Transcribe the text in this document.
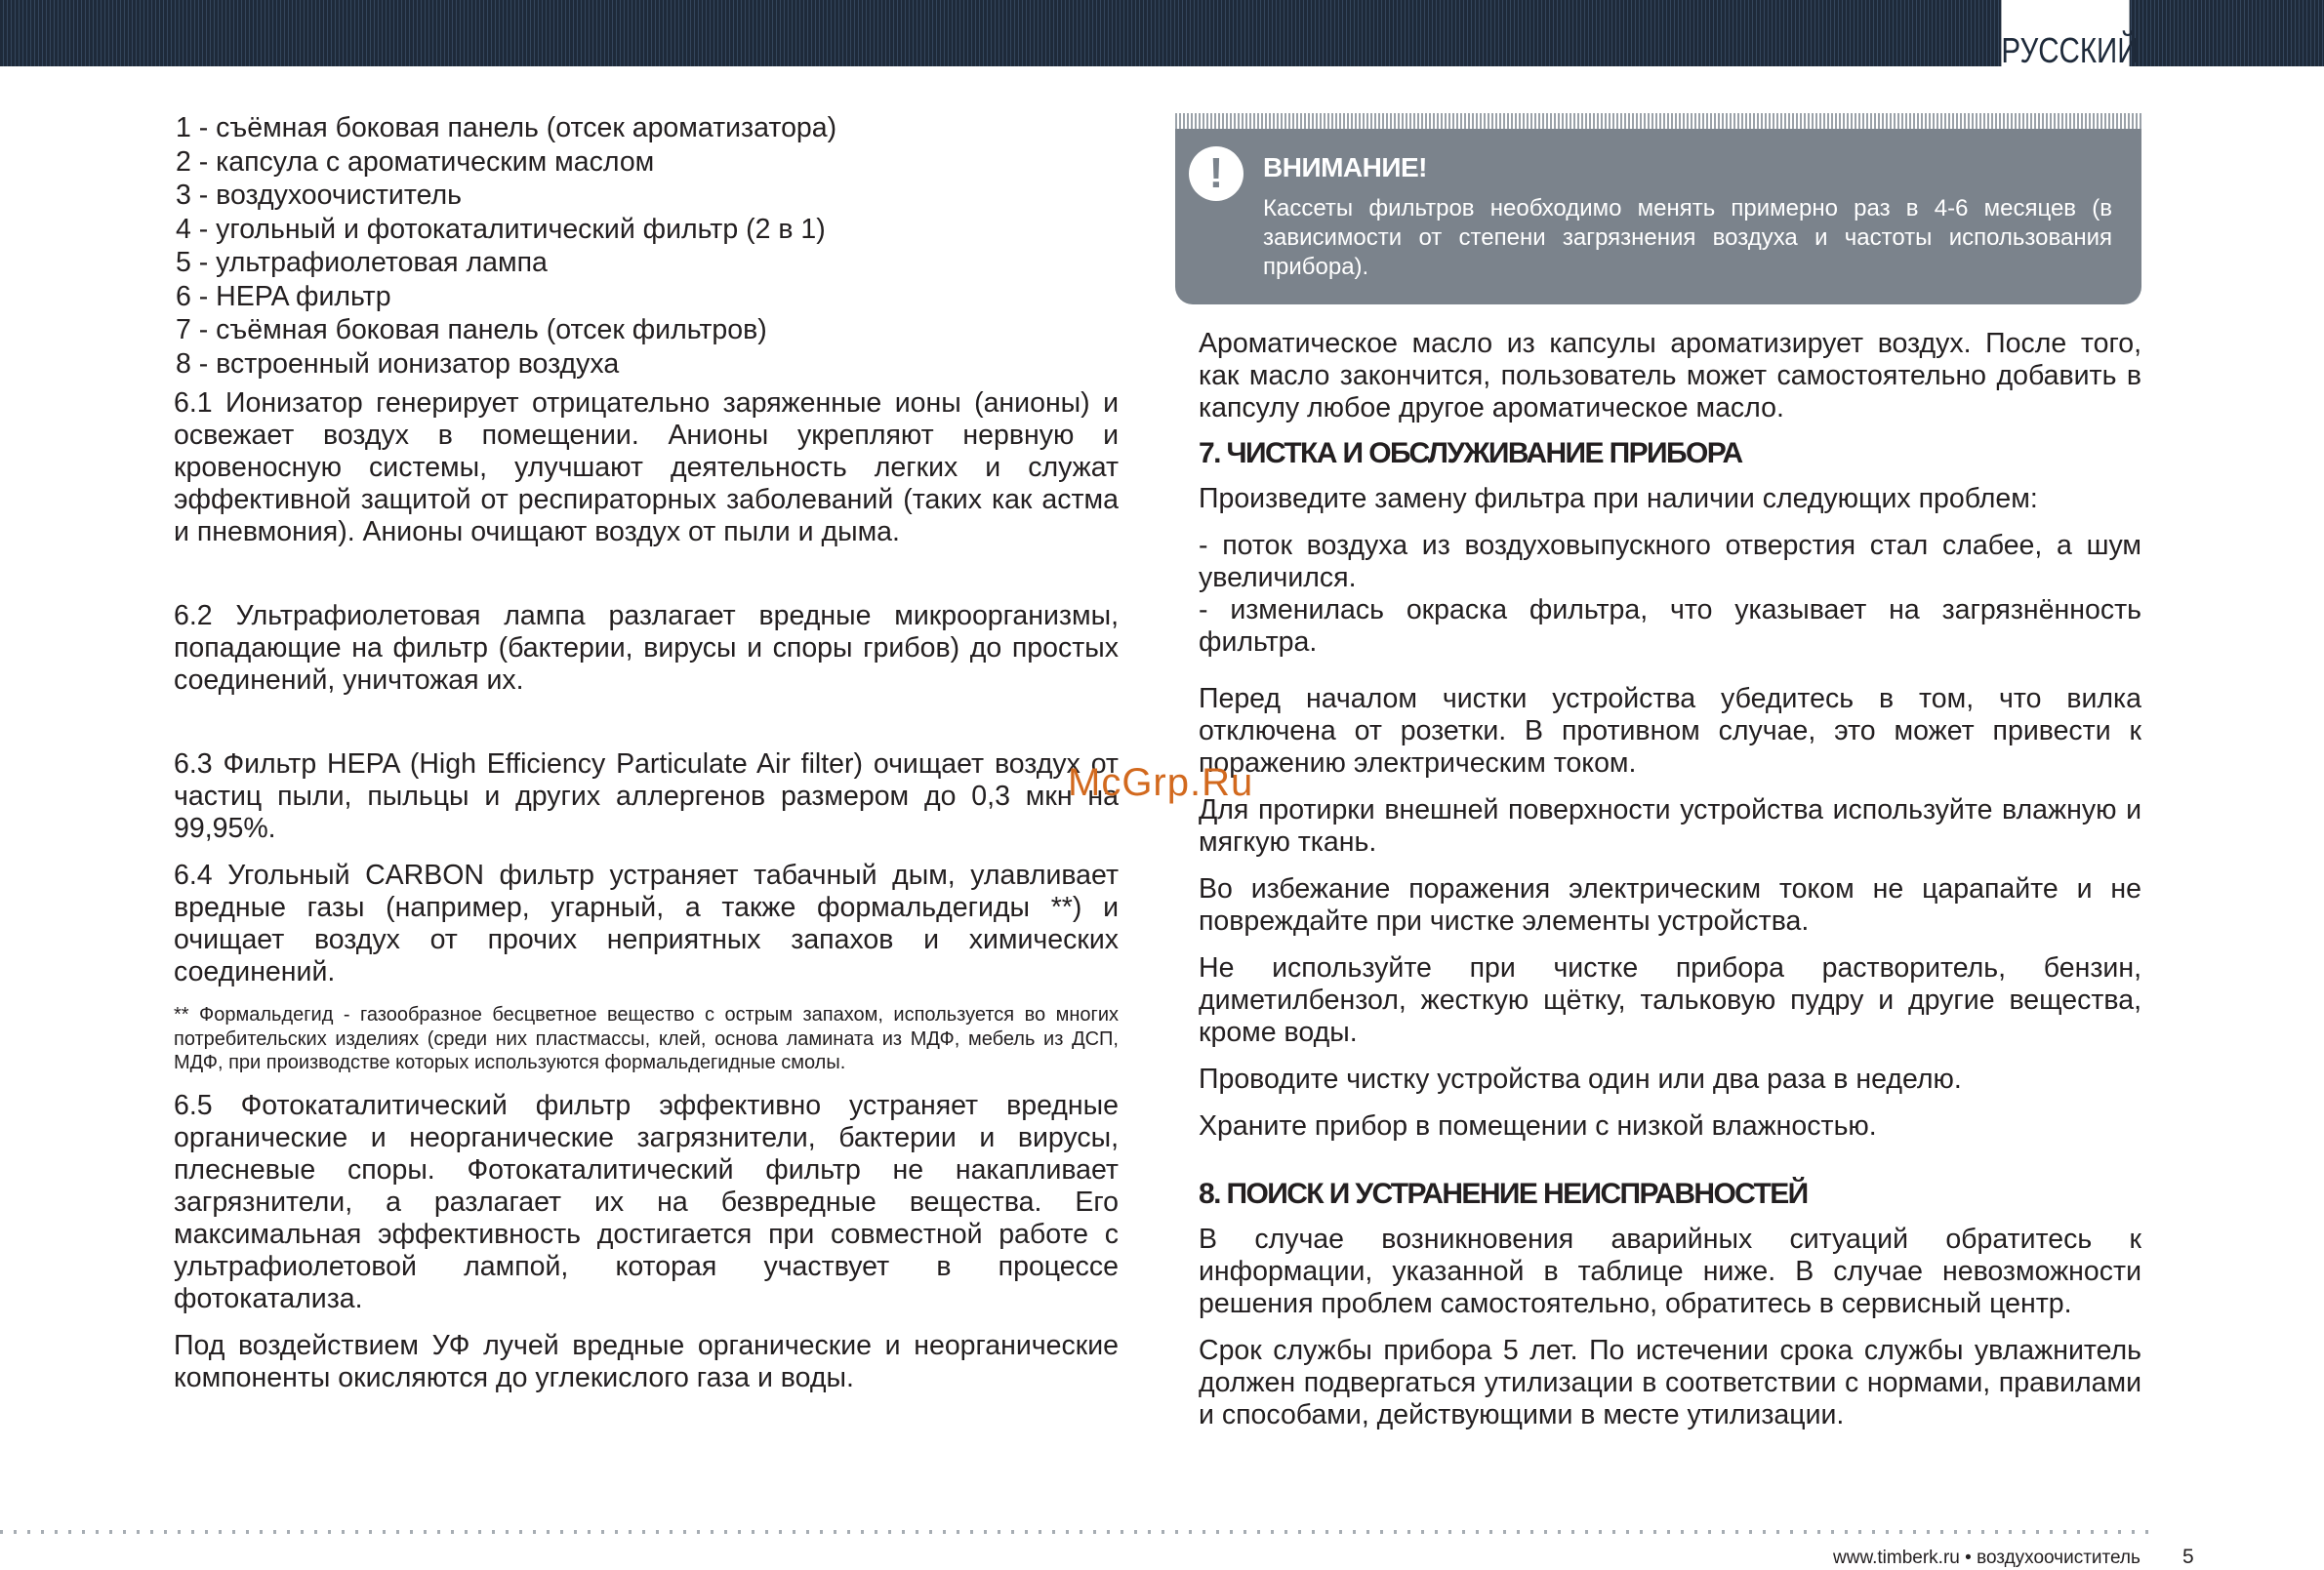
РУССКИЙ
1 - съёмная боковая панель (отсек ароматизатора)
2 - капсула с ароматическим маслом
3 - воздухоочиститель
4 - угольный и фотокаталитический фильтр (2 в 1)
5 - ультрафиолетовая лампа
6 - HEPA фильтр
7 - съёмная боковая панель (отсек фильтров)
8 - встроенный ионизатор воздуха

6.1 Ионизатор генерирует отрицательно заряженные ионы (анионы) и освежает воздух в помещении. Анионы укрепляют нервную и кровеносную системы, улучшают деятельность легких и служат эффективной защитой от респираторных заболеваний (таких как астма и пневмония). Анионы очищают воздух от пыли и дыма.

6.2 Ультрафиолетовая лампа разлагает вредные микроорганизмы, попадающие на фильтр (бактерии, вирусы и споры грибов) до простых соединений, уничтожая их.

6.3 Фильтр HEPA (High Efficiency Particulate Air filter) очищает воздух от частиц пыли, пыльцы и других аллергенов размером до 0,3 мкн на 99,95%.

6.4 Угольный CARBON фильтр устраняет табачный дым, улавливает вредные газы (например, угарный, а также формальдегиды **) и очищает воздух от прочих неприятных запахов и химических соединений.

** Формальдегид - газообразное бесцветное вещество с острым запахом, используется во многих потребительских изделиях (среди них пластмассы, клей, основа ламината из МДФ, мебель из ДСП, МДФ, при производстве которых используются формальдегидные смолы.

6.5 Фотокаталитический фильтр эффективно устраняет вредные органические и неорганические загрязнители, бактерии и вирусы, плесневые споры. Фотокаталитический фильтр не накапливает загрязнители, а разлагает их на безвредные вещества. Его максимальная эффективность достигается при совместной работе с ультрафиолетовой лампой, которая участвует в процессе фотокатализа.

Под воздействием УФ лучей вредные органические и неорганические компоненты окисляются до углекислого газа и воды.

!	ВНИМАНИЕ!

Кассеты фильтров необходимо менять примерно раз в 4-6 месяцев (в зависимости от степени загрязнения воздуха и частоты использования прибора).

Ароматическое масло из капсулы ароматизирует воздух. После того, как масло закончится, пользователь может самостоятельно добавить в капсулу любое другое ароматическое масло.

7. ЧИСТКА И ОБСЛУЖИВАНИЕ ПРИБОРА

Произведите замену фильтра при наличии следующих проблем:

- поток воздуха из воздуховыпускного отверстия стал слабее, а шум увеличился.

- изменилась окраска фильтра, что указывает на загрязнённость фильтра.

Перед началом чистки устройства убедитесь в том, что вилка отключена от розетки. В противном случае, это может привести к поражению электрическим током.

Для протирки внешней поверхности устройства используйте влажную и мягкую ткань.

Во избежание поражения электрическим током не царапайте и не повреждайте при чистке элементы устройства.

Не используйте при чистке прибора растворитель, бензин, диметилбензол, жесткую щётку, тальковую пудру и другие вещества, кроме воды.

Проводите чистку устройства один или два раза в неделю.

Храните прибор в помещении с низкой влажностью.

8. ПОИСК И УСТРАНЕНИЕ НЕИСПРАВНОСТЕЙ

В случае возникновения аварийных ситуаций обратитесь к информации, указанной в таблице ниже. В случае невозможности решения проблем самостоятельно, обратитесь в сервисный центр.

Срок службы прибора 5 лет. По истечении срока службы увлажнитель должен подвергаться утилизации в соответствии с нормами, правилами и способами, действующими в месте утилизации.

McGrp.Ru
www.timberk.ru • воздухоочиститель 5
